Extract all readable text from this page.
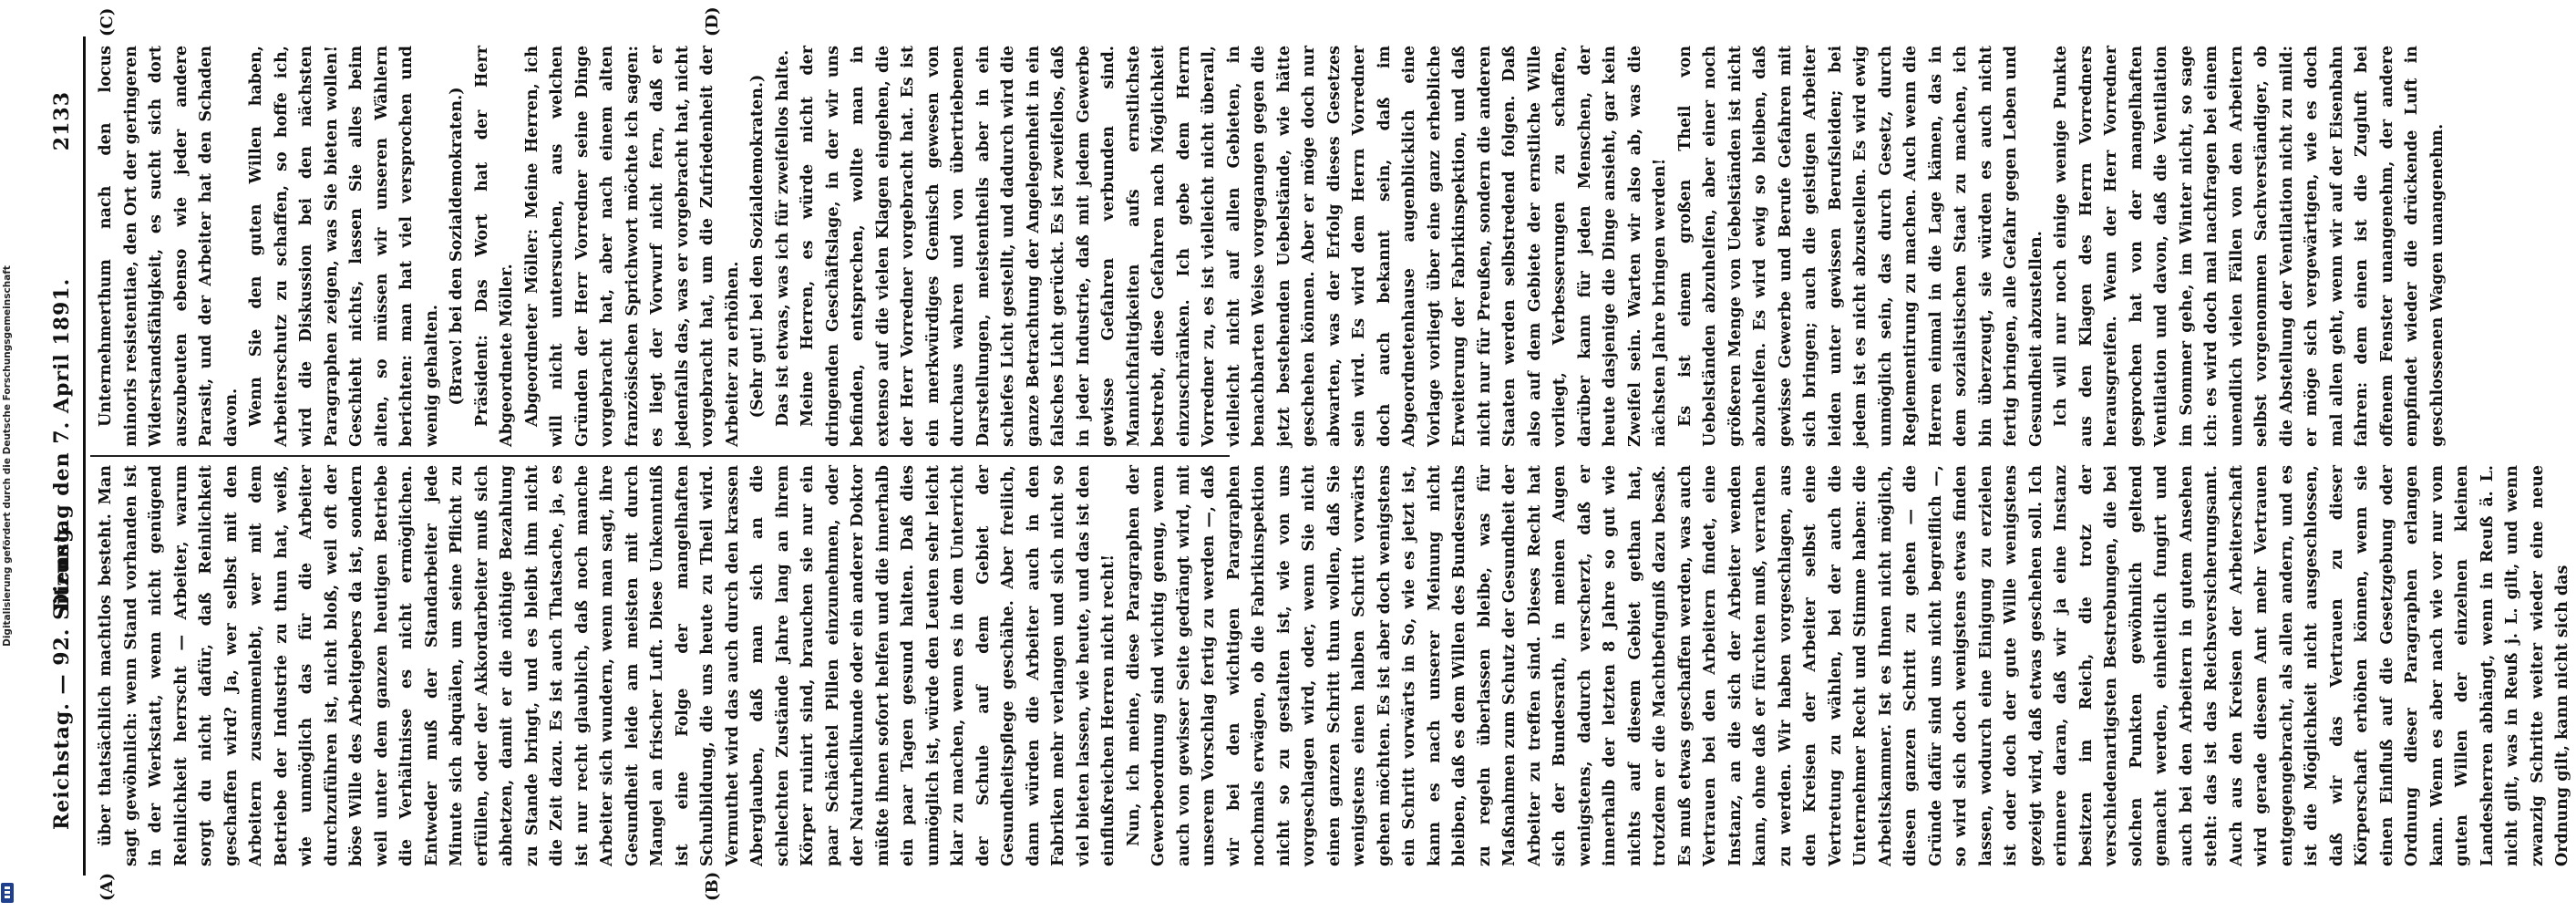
Reichstag. — 92. Sitzung.
Dienstag den 7. April 1891.
2133
(A)	(B)
(C)	(D)

über thatsächlich machtlos besteht. Man sagt gewöhnlich: wenn Stand vorhanden ist in der Werkstatt, wenn nicht genügend Reinlichkeit herrscht — Arbeiter, warum sorgt du nicht dafür, daß Reinlichkeit geschaffen wird? Ja, wer selbst mit den Arbeitern zusammenlebt, wer mit dem Betriebe der Industrie zu thun hat, weiß, wie unmöglich das für die Arbeiter durchzuführen ist, nicht bloß, weil oft der böse Wille des Arbeitgebers da ist, sondern weil unter dem ganzen heutigen Betriebe die Verhältnisse es nicht ermöglichen. Entweder muß der Standarbeiter jede Minute sich abquälen, um seine Pflicht zu erfüllen, oder der Akkordarbeiter muß sich abhetzen, damit er die nöthige Bezahlung zu Stande bringt, und es bleibt ihm nicht die Zeit dazu. Es ist auch Thatsache, ja, es ist nur recht glaublich, daß noch manche Arbeiter sich wundern, wenn man sagt, ihre Gesundheit leide am meisten mit durch Mangel an frischer Luft. Diese Unkenntniß ist eine Folge der mangelhaften Schulbildung, die uns heute zu Theil wird. Vermuthet wird das auch durch den krassen Aberglauben, daß man sich an die schlechten Zustände Jahre lang an ihrem Körper ruinirt sind, brauchen sie nur ein paar Schächtel Pillen einzunehmen, oder der Naturheilkunde oder ein anderer Doktor müßte ihnen sofort helfen und die innerhalb ein paar Tagen gesund halten. Daß dies unmöglich ist, würde den Leuten sehr leicht klar zu machen, wenn es in dem Unterricht der Schule auf dem Gebiet der Gesundheitspflege geschähe. Aber freilich, dann würden die Arbeiter auch in den Fabriken mehr verlangen und sich nicht so viel bieten lassen, wie heute, und das ist den einflußreichen Herren nicht recht! Nun, ich meine, diese Paragraphen der Gewerbeordnung sind wichtig genug, wenn auch von gewisser Seite gedrängt wird, mit unserem Vorschlag fertig zu werden —, daß wir bei den wichtigen Paragraphen nochmals erwägen, ob die Fabrikinspektion nicht so zu gestalten ist, wie von uns vorgeschlagen wird, oder, wenn Sie nicht einen ganzen Schritt thun wollen, daß Sie wenigstens einen halben Schritt vorwärts gehen möchten. Es ist aber doch wenigstens ein Schritt vorwärts in So, wie es jetzt ist, kann es nach unserer Meinung nicht bleiben, daß es dem Willen des Bundesraths zu regeln überlassen bleibe, was für Maßnahmen zum Schutz der Gesundheit der Arbeiter zu treffen sind. Dieses Recht hat sich der Bundesrath, in meinen Augen wenigstens, dadurch verscherzt, daß er innerhalb der letzten 8 Jahre so gut wie nichts auf diesem Gebiet gethan hat, trotzdem er die Machtbefugniß dazu besaß. Es muß etwas geschaffen werden, was auch Vertrauen bei den Arbeitern findet, eine Instanz, an die sich der Arbeiter wenden kann, ohne daß er fürchten muß, verrathen zu werden. Wir haben vorgeschlagen, aus den Kreisen der Arbeiter selbst eine Vertretung zu wählen, bei der auch die Unternehmer Recht und Stimme haben: die Arbeitskammer. Ist es Ihnen nicht möglich, diesen ganzen Schritt zu gehen — die Gründe dafür sind uns nicht begreiflich —, so wird sich doch wenigstens etwas finden lassen, wodurch eine Einigung zu erzielen ist oder doch der gute Wille wenigstens gezeigt wird, daß etwas geschehen soll. Ich erinnere daran, daß wir ja eine Instanz besitzen im Reich, die trotz der verschiedenartigsten Bestrebungen, die bei solchen Punkten gewöhnlich geltend gemacht werden, einheitlich fungirt und auch bei den Arbeitern in gutem Ansehen steht: das ist das Reichsversicherungsamt. Auch aus den Kreisen der Arbeiterschaft wird gerade diesem Amt mehr Vertrauen entgegengebracht, als allen andern, und es ist die Möglichkeit nicht ausgeschlossen, daß wir das Vertrauen zu dieser Körperschaft erhöhen können, wenn sie einen Einfluß auf die Gesetzgebung oder Ordnung dieser Paragraphen erlangen kann. Wenn es aber nach wie vor nur vom guten Willen der einzelnen kleinen Landesherren abhängt, wenn in Reuß ä. L. nicht gilt, was in Reuß j. L. gilt, und wenn zwanzig Schritte weiter wieder eine neue Ordnung gilt, kann nicht sich das

Unternehmerthum nach den locus minoris resistentiae, den Ort der geringeren Widerstandsfähigkeit, es sucht sich dort auszubeuten ebenso wie jeder andere Parasit, und der Arbeiter hat den Schaden davon. Wenn Sie den guten Willen haben, Arbeiterschutz zu schaffen, so hoffe ich, wird die Diskussion bei den nächsten Paragraphen zeigen, was Sie bieten wollen! Geschieht nichts, lassen Sie alles beim alten, so müssen wir unseren Wählern berichten: man hat viel versprochen und wenig gehalten. (Bravo! bei den Sozialdemokraten.) Präsident: Das Wort hat der Herr Abgeordnete Möller. Abgeordneter Möller: Meine Herren, ich will nicht untersuchen, aus welchen Gründen der Herr Vorredner seine Dinge vorgebracht hat, aber nach einem alten französischen Sprichwort möchte ich sagen: es liegt der Vorwurf nicht fern, daß er jedenfalls das, was er vorgebracht hat, nicht vorgebracht hat, um die Zufriedenheit der Arbeiter zu erhöhen. (Sehr gut! bei den Sozialdemokraten.) Das ist etwas, was ich für zweifellos halte. Meine Herren, es würde nicht der dringenden Geschäftslage, in der wir uns befinden, entsprechen, wollte man in extenso auf die vielen Klagen eingehen, die der Herr Vorredner vorgebracht hat. Es ist ein merkwürdiges Gemisch gewesen von durchaus wahren und von übertriebenen Darstellungen, meistentheils aber in ein schiefes Licht gestellt, und dadurch wird die ganze Betrachtung der Angelegenheit in ein falsches Licht gerückt. Es ist zweifellos, daß in jeder Industrie, daß mit jedem Gewerbe gewisse Gefahren verbunden sind. Mannichfaltigkeiten aufs ernstlichste bestrebt, diese Gefahren nach Möglichkeit einzuschränken. Ich gebe dem Herrn Vorredner zu, es ist vielleicht nicht überall, vielleicht nicht auf allen Gebieten, in benachbarten Weise vorgegangen gegen die jetzt bestehenden Uebelstände, wie hätte geschehen können. Aber er möge doch nur abwarten, was der Erfolg dieses Gesetzes sein wird. Es wird dem Herrn Vorredner doch auch bekannt sein, daß im Abgeordnetenhause augenblicklich eine Vorlage vorliegt über eine ganz erhebliche Erweiterung der Fabrikinspektion, und daß nicht nur für Preußen, sondern die anderen Staaten werden selbstredend folgen. Daß also auf dem Gebiete der ernstliche Wille vorliegt, Verbesserungen zu schaffen, darüber kann für jeden Menschen, der heute dasjenige die Dinge ansieht, gar kein Zweifel sein. Warten wir also ab, was die nächsten Jahre bringen werden! Es ist einem großen Theil von Uebelständen abzuhelfen, aber einer noch größeren Menge von Uebelständen ist nicht abzuhelfen. Es wird ewig so bleiben, daß gewisse Gewerbe und Berufe Gefahren mit sich bringen; auch die geistigen Arbeiter leiden unter gewissen Berufsleiden; bei jedem ist es nicht abzustellen. Es wird ewig unmöglich sein, das durch Gesetz, durch Reglementirung zu machen. Auch wenn die Herren einmal in die Lage kämen, das in dem sozialistischen Staat zu machen, ich bin überzeugt, sie würden es auch nicht fertig bringen, alle Gefahr gegen Leben und Gesundheit abzustellen. Ich will nur noch einige wenige Punkte aus den Klagen des Herrn Vorredners herausgreifen. Wenn der Herr Vorredner gesprochen hat von der mangelhaften Ventilation und davon, daß die Ventilation im Sommer gehe, im Winter nicht, so sage ich: es wird doch mal nachfragen bei einem unendlich vielen Fällen von den Arbeitern selbst vorgenommen Sachverständiger, ob die Abstellung der Ventilation nicht zu mild: er möge sich vergewärtigen, wie es doch mal allen geht, wenn wir auf der Eisenbahn fahren: dem einen ist die Zugluft bei offenem Fenster unangenehm, der andere empfindet wieder die drückende Luft in geschlossenen Wagen unangenehm.

Digitalisierung gefördert durch die Deutsche Forschungsgemeinschaft
